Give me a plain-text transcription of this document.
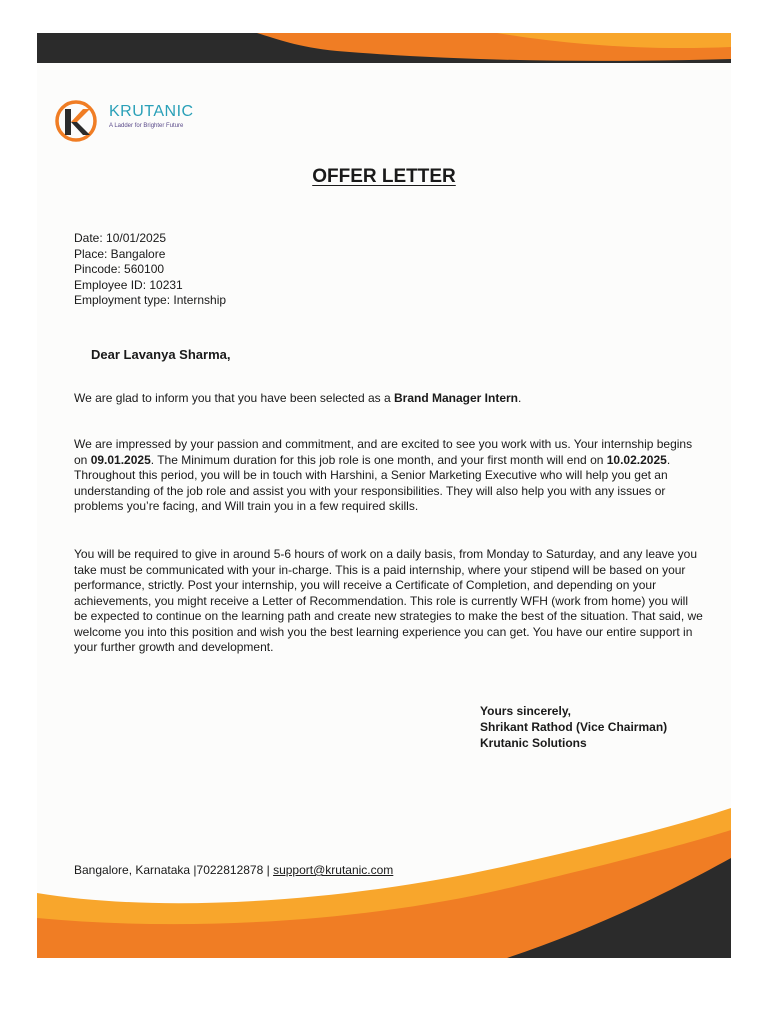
KRUTANIC
A Ladder for Brighter Future
OFFER LETTER
Date: 10/01/2025
Place: Bangalore
Pincode: 560100
Employee ID: 10231
Employment type: Internship
Dear Lavanya Sharma,
We are glad to inform you that you have been selected as a Brand Manager Intern.
We are impressed by your passion and commitment, and are excited to see you work with us. Your internship begins on 09.01.2025. The Minimum duration for this job role is one month, and your first month will end on 10.02.2025. Throughout this period, you will be in touch with Harshini, a Senior Marketing Executive who will help you get an understanding of the job role and assist you with your responsibilities. They will also help you with any issues or problems you’re facing, and Will train you in a few required skills.
You will be required to give in around 5-6 hours of work on a daily basis, from Monday to Saturday, and any leave you take must be communicated with your in-charge. This is a paid internship, where your stipend will be based on your performance, strictly. Post your internship, you will receive a Certificate of Completion, and depending on your achievements, you might receive a Letter of Recommendation. This role is currently WFH (work from home) you will be expected to continue on the learning path and create new strategies to make the best of the situation. That said, we welcome you into this position and wish you the best learning experience you can get. You have our entire support in your further growth and development.
Yours sincerely,
Shrikant Rathod (Vice Chairman)
Krutanic Solutions
Bangalore, Karnataka |7022812878 | support@krutanic.com
